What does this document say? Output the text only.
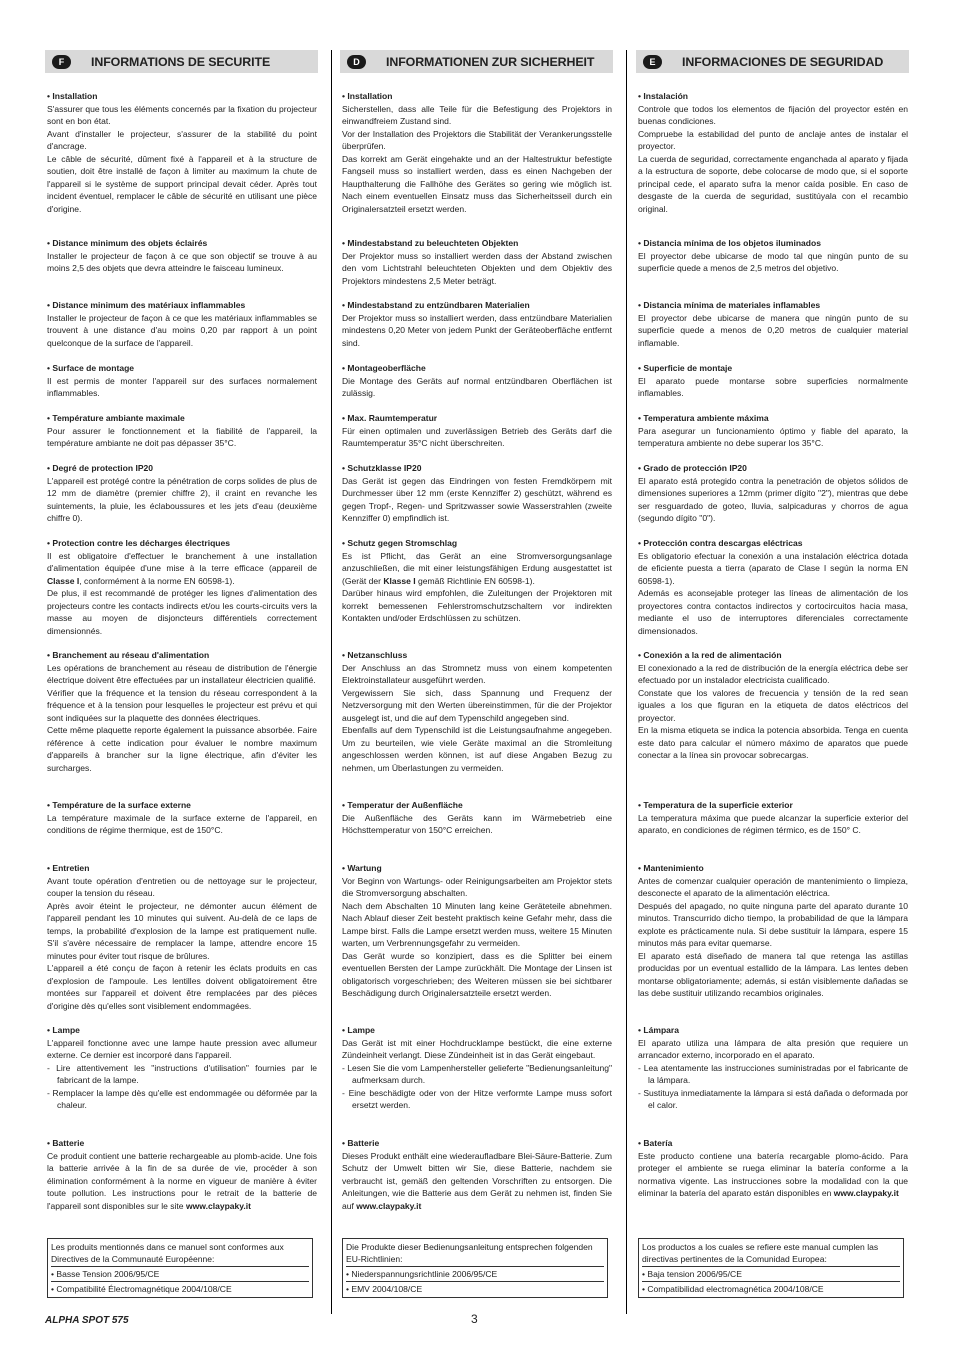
F	INFORMATIONS DE SECURITE
• Installation

S'assurer que tous les éléments concernés par la fixation du projecteur sont en bon état.
Avant d'installer le projecteur, s'assurer de la stabilité du point d'ancrage.
Le câble de sécurité, dûment fixé à l'appareil et à la structure de soutien, doit être installé de façon à limiter au maximum la chute de l'appareil si le système de support principal devait céder. Après tout incident éventuel, remplacer le câble de sécurité en utilisant une pièce d'origine.

• Distance minimum des objets éclairés

Installer le projecteur de façon à ce que son objectif se trouve à au moins 2,5 des objets que devra atteindre le faisceau lumineux.

• Distance minimum des matériaux inflammables

Installer le projecteur de façon à ce que les matériaux inflammables se trouvent à une distance d'au moins 0,20 par rapport à un point quelconque de la surface de l'appareil.

• Surface de montage

Il est permis de monter l'appareil sur des surfaces normalement inflammables.

• Température ambiante maximale

Pour assurer le fonctionnement et la fiabilité de l'appareil, la température ambiante ne doit pas dépasser 35°C.

• Degré de protection IP20

L'appareil est protégé contre la pénétration de corps solides de plus de 12 mm de diamètre (premier chiffre 2), il craint en revanche les suintements, la pluie, les éclaboussures et les jets d'eau (deuxième chiffre 0).

• Protection contre les décharges électriques

Il est obligatoire d'effectuer le branchement à une installation d'alimentation équipée d'une mise à la terre efficace (appareil de Classe I, conformément à la norme EN 60598-1).
De plus, il est recommandé de protéger les lignes d'alimentation des projecteurs contre les contacts indirects et/ou les courts-circuits vers la masse au moyen de disjoncteurs différentiels correctement dimensionnés.

• Branchement au réseau d'alimentation

Les opérations de branchement au réseau de distribution de l'énergie électrique doivent être effectuées par un installateur électricien qualifié.
Vérifier que la fréquence et la tension du réseau correspondent à la fréquence et à la tension pour lesquelles le projecteur est prévu et qui sont indiquées sur la plaquette des données électriques.
Cette même plaquette reporte également la puissance absorbée. Faire référence à cette indication pour évaluer le nombre maximum d'appareils à brancher sur la ligne électrique, afin d'éviter les surcharges.

• Température de la surface externe

La température maximale de la surface externe de l'appareil, en conditions de régime thermique, est de 150°C.

• Entretien

Avant toute opération d'entretien ou de nettoyage sur le projecteur, couper la tension du réseau.
Après avoir éteint le projecteur, ne démonter aucun élément de l'appareil pendant les 10 minutes qui suivent. Au-delà de ce laps de temps, la probabilité d'explosion de la lampe est pratiquement nulle. S'il s'avère nécessaire de remplacer la lampe, attendre encore 15 minutes pour éviter tout risque de brûlures.
L'appareil a été conçu de façon à retenir les éclats produits en cas d'explosion de l'ampoule. Les lentilles doivent obligatoirement être montées sur l'appareil et doivent être remplacées par des pièces d'origine dès qu'elles sont visiblement endommagées.

• Lampe

L'appareil fonctionne avec une lampe haute pression avec allumeur externe. Ce dernier est incorporé dans l'appareil.

- Lire attentivement les "instructions d'utilisation" fournies par le fabricant de la lampe.
- Remplacer la lampe dès qu'elle est endommagée ou déformée par la chaleur.
• Batterie

Ce produit contient une batterie rechargeable au plomb-acide. Une fois la batterie arrivée à la fin de sa durée de vie, procéder à son élimination conformément à la norme en vigueur de manière à éviter toute pollution. Les instructions pour le retrait de la batterie de l'appareil sont disponibles sur le site www.claypaky.it

Les produits mentionnés dans ce manuel sont conformes aux Directives de la Communauté Européenne:
• Basse Tension 2006/95/CE
• Compatibilité Électromagnétique 2004/108/CE
D	INFORMATIONEN ZUR SICHERHEIT
• Installation

Sicherstellen, dass alle Teile für die Befestigung des Projektors in einwandfreiem Zustand sind.
Vor der Installation des Projektors die Stabilität der Verankerungsstelle überprüfen.
Das korrekt am Gerät eingehakte und an der Haltestruktur befestigte Fangseil muss so installiert werden, dass es einen Nachgeben der Haupthalterung die Fallhöhe des Gerätes so gering wie möglich ist. Nach einem eventuellen Einsatz muss das Sicherheitsseil durch ein Originalersatzteil ersetzt werden.

• Mindestabstand zu beleuchteten Objekten

Der Projektor muss so installiert werden dass der Abstand zwischen den vom Lichtstrahl beleuchteten Objekten und dem Objektiv des Projektors mindestens 2,5 Meter beträgt.

• Mindestabstand zu entzündbaren Materialien

Der Projektor muss so installiert werden, dass entzündbare Materialien mindestens 0,20 Meter von jedem Punkt der Geräteoberfläche entfernt sind.

• Montageoberfläche

Die Montage des Geräts auf normal entzündbaren Oberflächen ist zulässig.

• Max. Raumtemperatur

Für einen optimalen und zuverlässigen Betrieb des Geräts darf die Raumtemperatur 35°C nicht überschreiten.

• Schutzklasse IP20

Das Gerät ist gegen das Eindringen von festen Fremdkörpern mit Durchmesser über 12 mm (erste Kennziffer 2) geschützt, während es gegen Tropf-, Regen- und Spritzwasser sowie Wasserstrahlen (zweite Kennziffer 0) empfindlich ist.

• Schutz gegen Stromschlag

Es ist Pflicht, das Gerät an eine Stromversorgungsanlage anzuschließen, die mit einer leistungsfähigen Erdung ausgestattet ist (Gerät der Klasse I gemäß Richtlinie EN 60598-1).
Darüber hinaus wird empfohlen, die Zuleitungen der Projektoren mit korrekt bemessenen Fehlerstromschutzschaltern vor indirekten Kontakten und/oder Erdschlüssen zu schützen.

• Netzanschluss

Der Anschluss an das Stromnetz muss von einem kompetenten Elektroinstallateur ausgeführt werden.
Vergewissern Sie sich, dass Spannung und Frequenz der Netzversorgung mit den Werten übereinstimmen, für die der Projektor ausgelegt ist, und die auf dem Typenschild angegeben sind.
Ebenfalls auf dem Typenschild ist die Leistungsaufnahme angegeben. Um zu beurteilen, wie viele Geräte maximal an die Stromleitung angeschlossen werden können, ist auf diese Angaben Bezug zu nehmen, um Überlastungen zu vermeiden.

• Temperatur der Außenfläche

Die Außenfläche des Geräts kann im Wärmebetrieb eine Höchsttemperatur von 150°C erreichen.

• Wartung

Vor Beginn von Wartungs- oder Reinigungsarbeiten am Projektor stets die Stromversorgung abschalten.
Nach dem Abschalten 10 Minuten lang keine Geräteteile abnehmen. Nach Ablauf dieser Zeit besteht praktisch keine Gefahr mehr, dass die Lampe birst. Falls die Lampe ersetzt werden muss, weitere 15 Minuten warten, um Verbrennungsgefahr zu vermeiden.
Das Gerät wurde so konzipiert, dass es die Splitter bei einem eventuellen Bersten der Lampe zurückhält. Die Montage der Linsen ist obligatorisch vorgeschrieben; des Weiteren müssen sie bei sichtbarer Beschädigung durch Originalersatzteile ersetzt werden.

• Lampe

Das Gerät ist mit einer Hochdrucklampe bestückt, die eine externe Zündeinheit verlangt. Diese Zündeinheit ist in das Gerät eingebaut.

- Lesen Sie die vom Lampenhersteller gelieferte "Bedienungsanleitung" aufmerksam durch.
- Eine beschädigte oder von der Hitze verformte Lampe muss sofort ersetzt werden.
• Batterie

Dieses Produkt enthält eine wiederaufladbare Blei-Säure-Batterie. Zum Schutz der Umwelt bitten wir Sie, diese Batterie, nachdem sie verbraucht ist, gemäß den geltenden Vorschriften zu entsorgen. Die Anleitungen, wie die Batterie aus dem Gerät zu nehmen ist, finden Sie auf www.claypaky.it

Die Produkte dieser Bedienungsanleitung entsprechen folgenden EU-Richtlinien:
• Niederspannungsrichtlinie 2006/95/CE
• EMV 2004/108/CE
E	INFORMACIONES DE SEGURIDAD
• Instalación

Controle que todos los elementos de fijación del proyector estén en buenas condiciones.
Compruebe la estabilidad del punto de anclaje antes de instalar el proyector.
La cuerda de seguridad, correctamente enganchada al aparato y fijada a la estructura de soporte, debe colocarse de modo que, si el soporte principal cede, el aparato sufra la menor caída posible. En caso de desgaste de la cuerda de seguridad, sustitúyala con el recambio original.

• Distancia mínima de los objetos iluminados

El proyector debe ubicarse de modo tal que ningún punto de su superficie quede a menos de 2,5 metros del objetivo.

• Distancia mínima de materiales inflamables

El proyector debe ubicarse de manera que ningún punto de su superficie quede a menos de 0,20 metros de cualquier material inflamable.

• Superficie de montaje

El aparato puede montarse sobre superficies normalmente inflamables.

• Temperatura ambiente máxima

Para asegurar un funcionamiento óptimo y fiable del aparato, la temperatura ambiente no debe superar los 35°C.

• Grado de protección IP20

El aparato está protegido contra la penetración de objetos sólidos de dimensiones superiores a 12mm (primer dígito "2"), mientras que debe ser resguardado de goteo, lluvia, salpicaduras y chorros de agua (segundo dígito "0").

• Protección contra descargas eléctricas

Es obligatorio efectuar la conexión a una instalación eléctrica dotada de eficiente puesta a tierra (aparato de Clase I según la norma EN 60598-1).
Además es aconsejable proteger las líneas de alimentación de los proyectores contra contactos indirectos y cortocircuitos hacia masa, mediante el uso de interruptores diferenciales correctamente dimensionados.

• Conexión a la red de alimentación

El conexionado a la red de distribución de la energía eléctrica debe ser efectuado por un instalador electricista cualificado.
Constate que los valores de frecuencia y tensión de la red sean iguales a los que figuran en la etiqueta de datos eléctricos del proyector.
En la misma etiqueta se indica la potencia absorbida. Tenga en cuenta este dato para calcular el número máximo de aparatos que puede conectar a la línea sin provocar sobrecargas.

• Temperatura de la superficie exterior

La temperatura máxima que puede alcanzar la superficie exterior del aparato, en condiciones de régimen térmico, es de 150° C.

• Mantenimiento

Antes de comenzar cualquier operación de mantenimiento o limpieza, desconecte el aparato de la alimentación eléctrica.
Después del apagado, no quite ninguna parte del aparato durante 10 minutos. Transcurrido dicho tiempo, la probabilidad de que la lámpara explote es prácticamente nula. Si debe sustituir la lámpara, espere 15 minutos más para evitar quemarse.
El aparato está diseñado de manera tal que retenga las astillas producidas por un eventual estallido de la lámpara. Las lentes deben montarse obligatoriamente; además, si están visiblemente dañadas se las debe sustituir utilizando recambios originales.

• Lámpara

El aparato utiliza una lámpara de alta presión que requiere un arrancador externo, incorporado en el aparato.

- Lea atentamente las instrucciones suministradas por el fabricante de la lámpara.
- Sustituya inmediatamente la lámpara si está dañada o deformada por el calor.
• Batería

Este producto contiene una batería recargable plomo-ácido. Para proteger el ambiente se ruega eliminar la batería conforme a la normativa vigente. Las instrucciones sobre la modalidad con la que eliminar la batería del aparato están disponibles en www.claypaky.it

Los productos a los cuales se refiere este manual cumplen las directivas pertinentes de la Comunidad Europea:
• Baja tension 2006/95/CE
• Compatibilidad electromagnética 2004/108/CE
ALPHA SPOT 575	3
